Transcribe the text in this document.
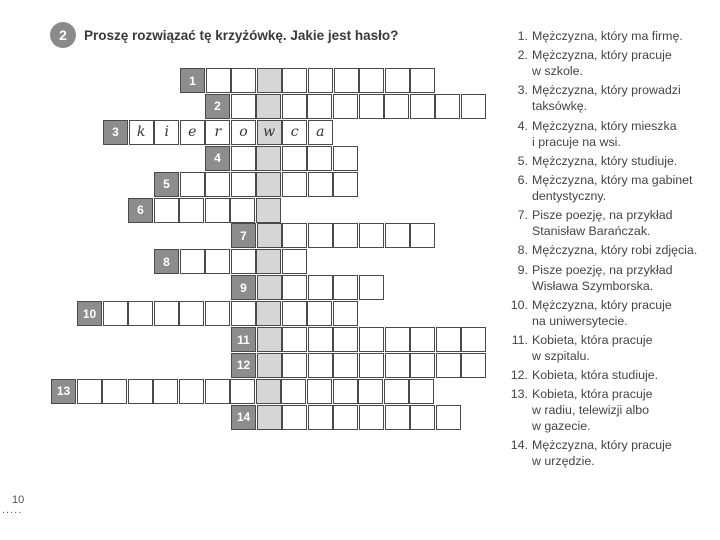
2	Proszę rozwiązać tę krzyżówkę. Jakie jest hasło?
1
2
3	k	i	e	r	o	w	c	a
4
5
6
7
8
9
10
11
12
13
14
1. Mężczyzna, który ma firmę.
2. Mężczyzna, który pracuje
w szkole.
3. Mężczyzna, który prowadzi
taksówkę.
4. Mężczyzna, który mieszka
i pracuje na wsi.
5. Mężczyzna, który studiuje.
6. Mężczyzna, który ma gabinet
dentystyczny.
7. Pisze poezję, na przykład
Stanisław Barańczak.
8. Mężczyzna, który robi zdjęcia.
9. Pisze poezję, na przykład
Wisława Szymborska.
10. Mężczyzna, który pracuje
na uniwersytecie.
11. Kobieta, która pracuje
w szpitalu.
12. Kobieta, która studiuje.
13. Kobieta, która pracuje
w radiu, telewizji albo
w gazecie.
14. Mężczyzna, który pracuje
w urzędzie.
10
.....
